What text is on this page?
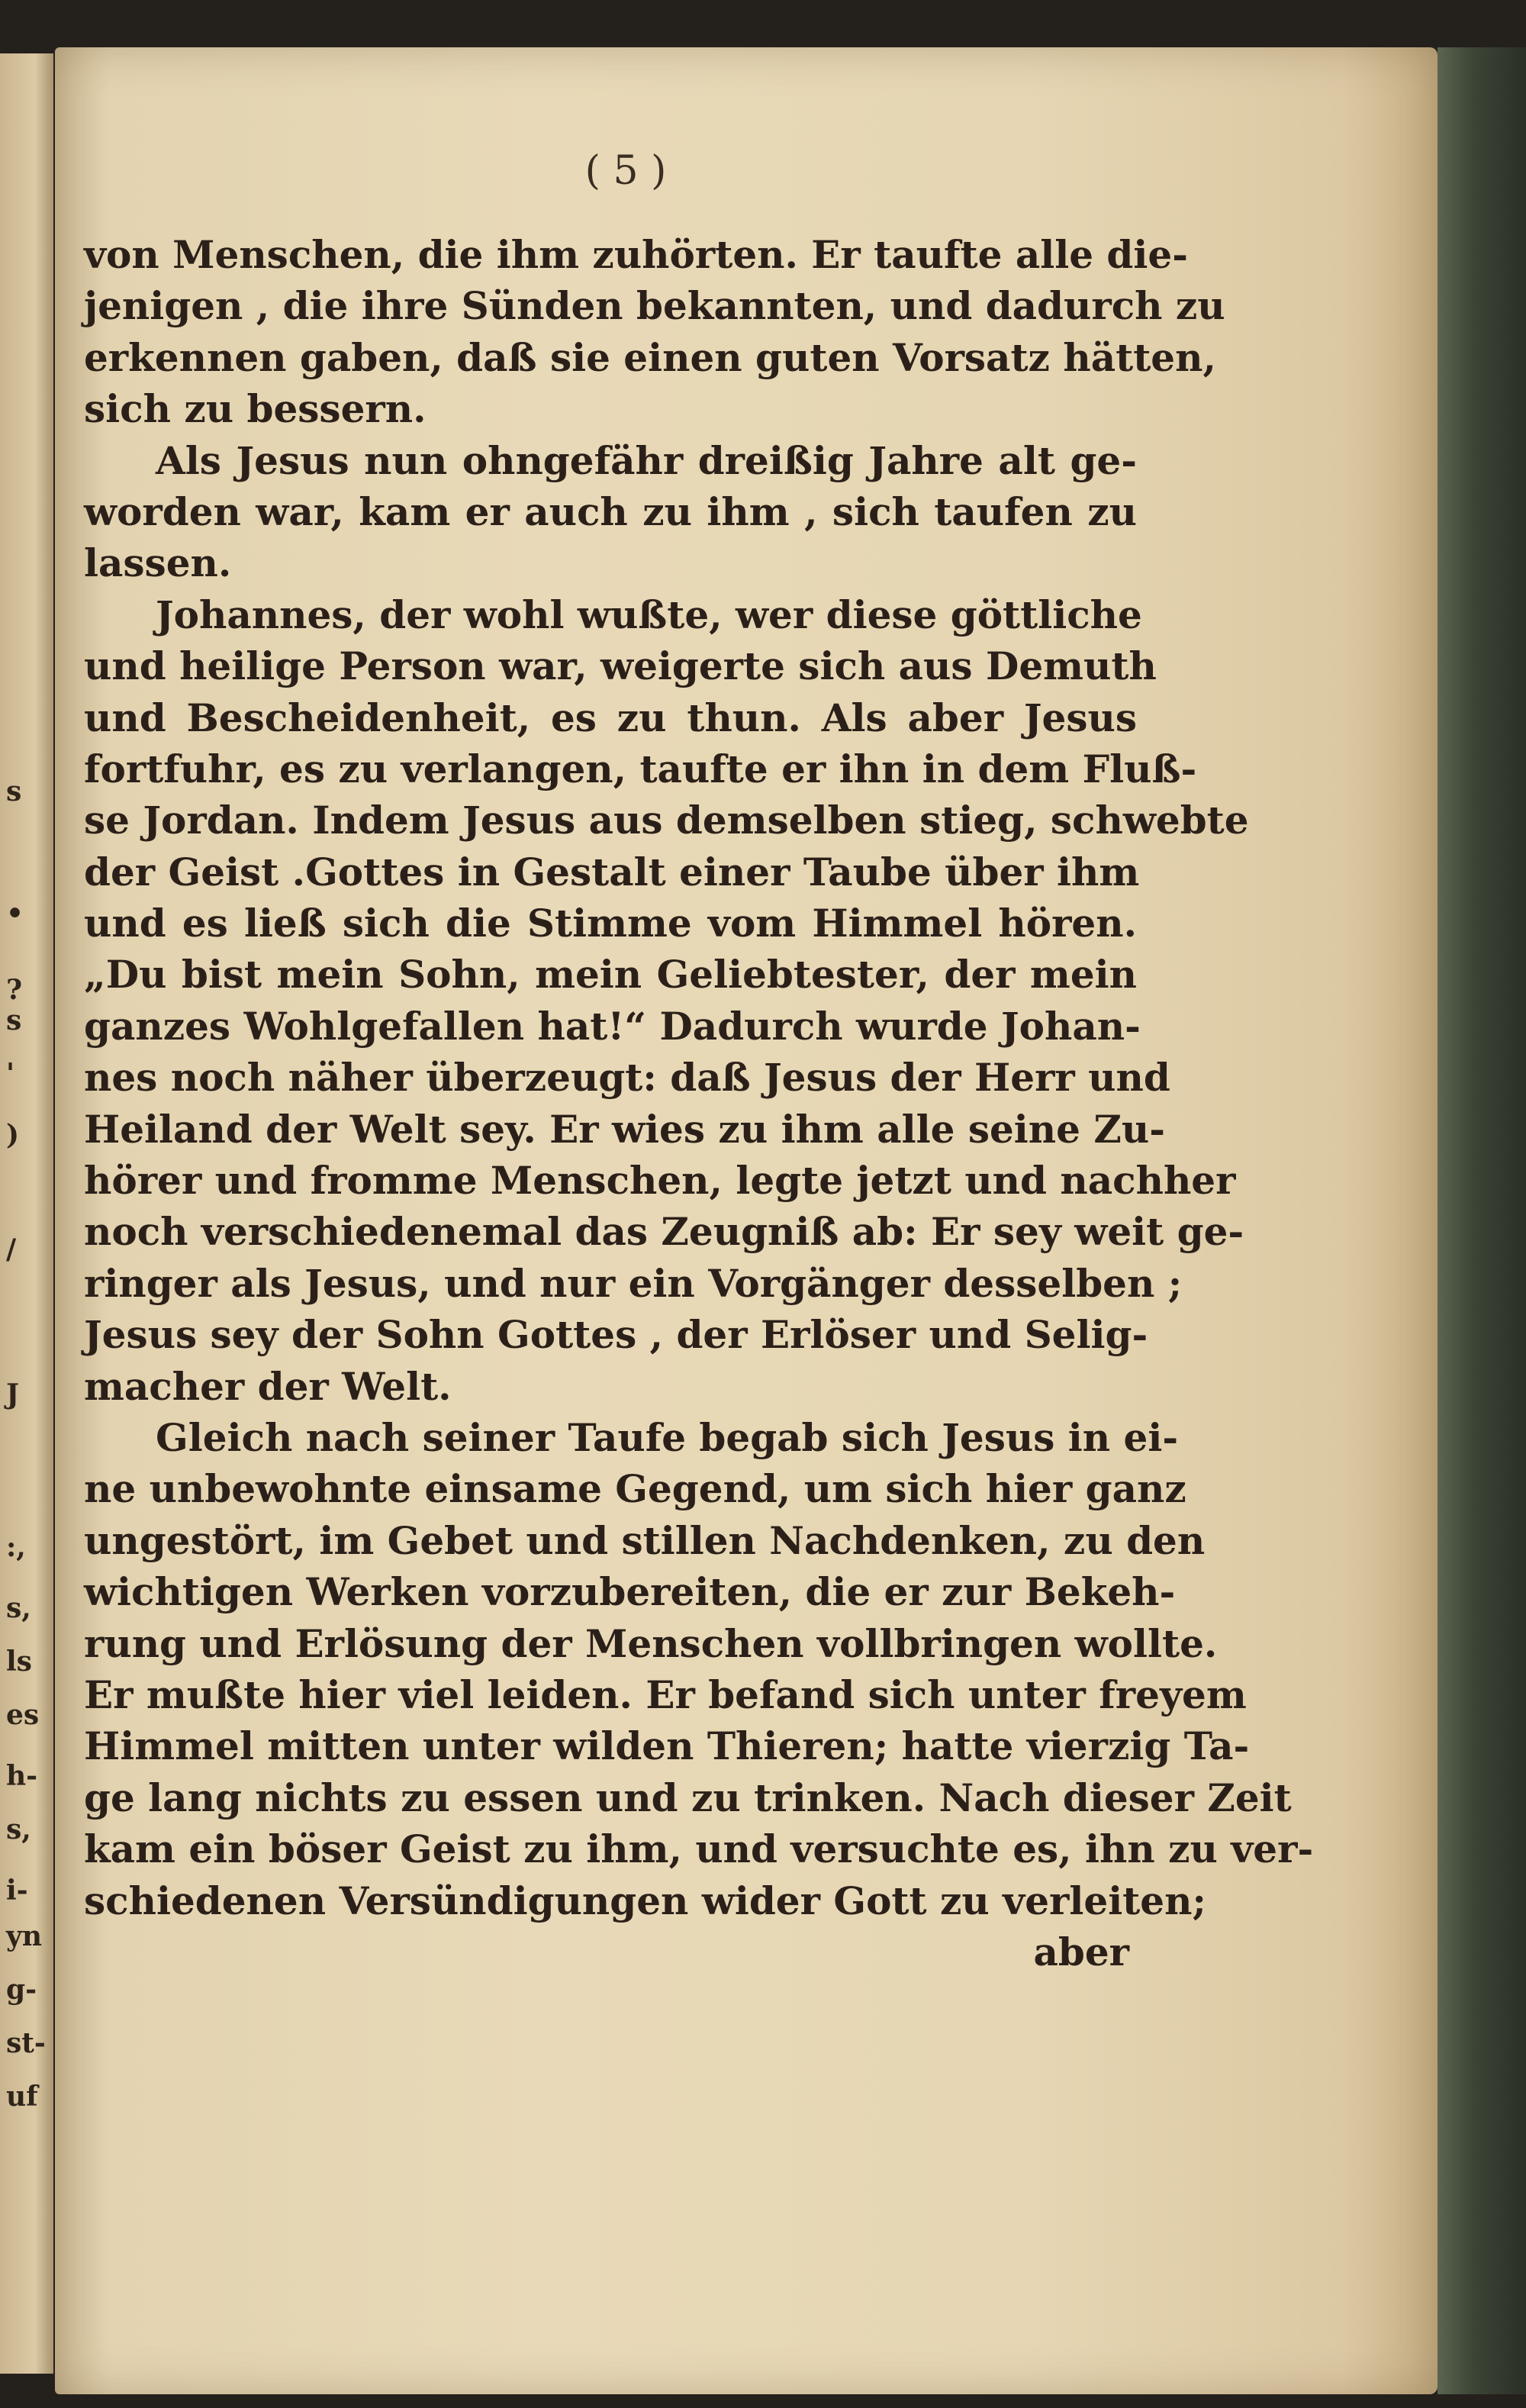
s
•
?
s
'
)
/
J
:,
s,
ls
es
h-
s,
i-
yn
g-
st-
uf
( 5 )
von Menschen, die ihm zuhörten. Er taufte alle die-
jenigen , die ihre Sünden bekannten, und dadurch zu
erkennen gaben, daß sie einen guten Vorsatz hätten,
sich zu bessern.
Als Jesus nun ohngefähr dreißig Jahre alt ge-
worden war, kam er auch zu ihm , sich taufen zu
lassen.
Johannes, der wohl wußte, wer diese göttliche
und heilige Person war, weigerte sich aus Demuth
und Bescheidenheit, es zu thun. Als aber Jesus
fortfuhr, es zu verlangen, taufte er ihn in dem Fluß-
se Jordan. Indem Jesus aus demselben stieg, schwebte
der Geist .Gottes in Gestalt einer Taube über ihm
und es ließ sich die Stimme vom Himmel hören.
„Du bist mein Sohn, mein Geliebtester, der mein
ganzes Wohlgefallen hat!“ Dadurch wurde Johan-
nes noch näher überzeugt: daß Jesus der Herr und
Heiland der Welt sey. Er wies zu ihm alle seine Zu-
hörer und fromme Menschen, legte jetzt und nachher
noch verschiedenemal das Zeugniß ab: Er sey weit ge-
ringer als Jesus, und nur ein Vorgänger desselben ;
Jesus sey der Sohn Gottes , der Erlöser und Selig-
macher der Welt.
Gleich nach seiner Taufe begab sich Jesus in ei-
ne unbewohnte einsame Gegend, um sich hier ganz
ungestört, im Gebet und stillen Nachdenken, zu den
wichtigen Werken vorzubereiten, die er zur Bekeh-
rung und Erlösung der Menschen vollbringen wollte.
Er mußte hier viel leiden. Er befand sich unter freyem
Himmel mitten unter wilden Thieren; hatte vierzig Ta-
ge lang nichts zu essen und zu trinken. Nach dieser Zeit
kam ein böser Geist zu ihm, und versuchte es, ihn zu ver-
schiedenen Versündigungen wider Gott zu verleiten;
aber
